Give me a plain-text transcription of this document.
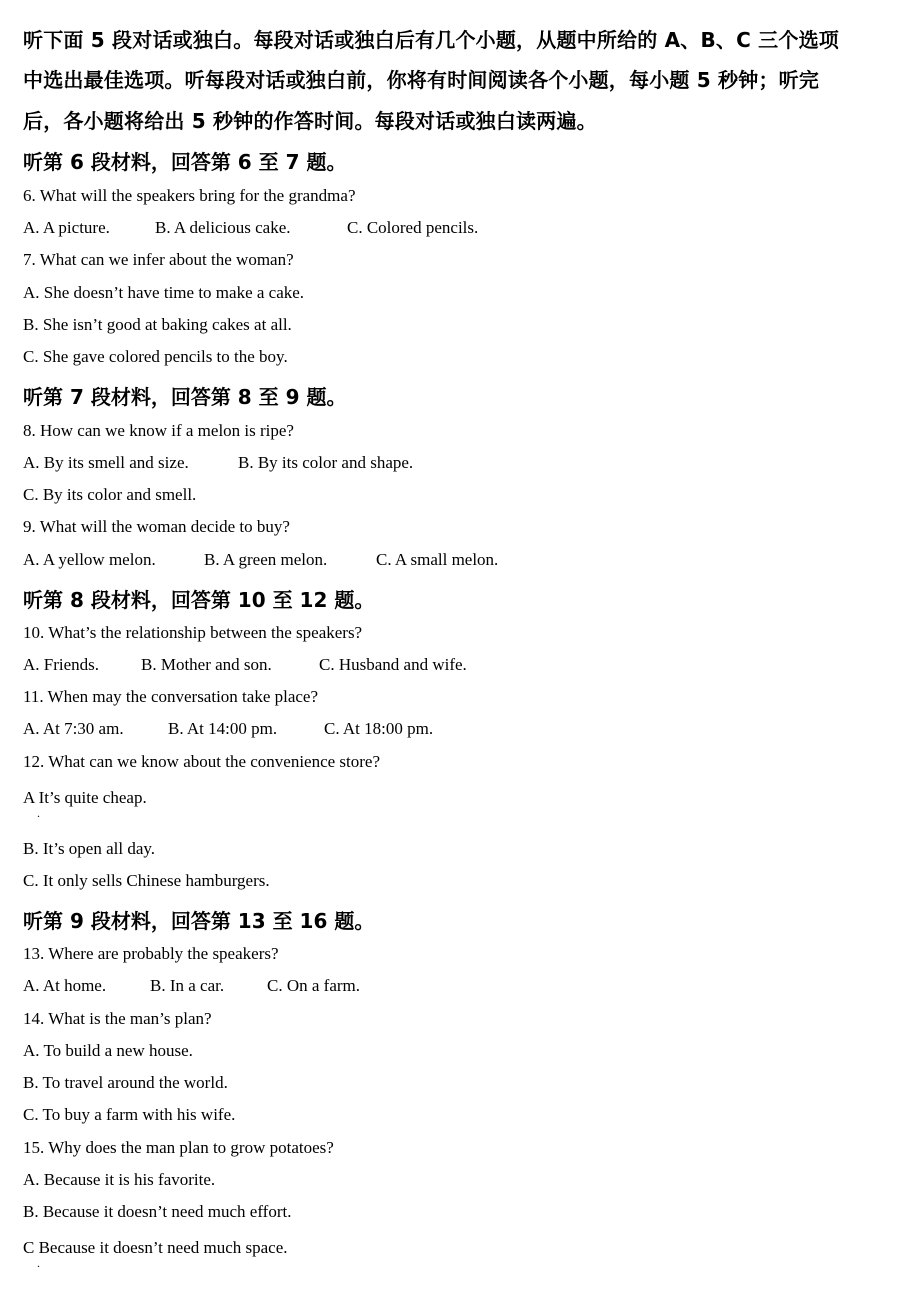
听下面 5 段对话或独白。每段对话或独白后有几个小题，从题中所给的 A、B、C 三个选项
中选出最佳选项。听每段对话或独白前，你将有时间阅读各个小题，每小题 5 秒钟；听完
后，各小题将给出 5 秒钟的作答时间。每段对话或独白读两遍。
听第 6 段材料，回答第 6 至 7 题。
6. What will the speakers bring for the grandma?
A. A picture.	B. A delicious cake.	C. Colored pencils.
7. What can we infer about the woman?
A. She doesn’t have time to make a cake.
B. She isn’t good at baking cakes at all.
C. She gave colored pencils to the boy.
听第 7 段材料，回答第 8 至 9 题。
8. How can we know if a melon is ripe?
A. By its smell and size.	B. By its color and shape.
C. By its color and smell.
9. What will the woman decide to buy?
A. A yellow melon.	B. A green melon.	C. A small melon.
听第 8 段材料，回答第 10 至 12 题。
10. What’s the relationship between the speakers?
A. Friends. B. Mother and son.	C. Husband and wife.
11. When may the conversation take place?
A. At 7:30 am.	B. At 14:00 pm.	C. At 18:00 pm.
12. What can we know about the convenience store?
A It’s quite cheap.
.
B. It’s open all day.
C. It only sells Chinese hamburgers.
听第 9 段材料，回答第 13 至 16 题。
13. Where are probably the speakers?
A. At home.	B. In a car.	C. On a farm.
14. What is the man’s plan?
A. To build a new house.
B. To travel around the world.
C. To buy a farm with his wife.
15. Why does the man plan to grow potatoes?
A. Because it is his favorite.
B. Because it doesn’t need much effort.
C Because it doesn’t need much space.
.
